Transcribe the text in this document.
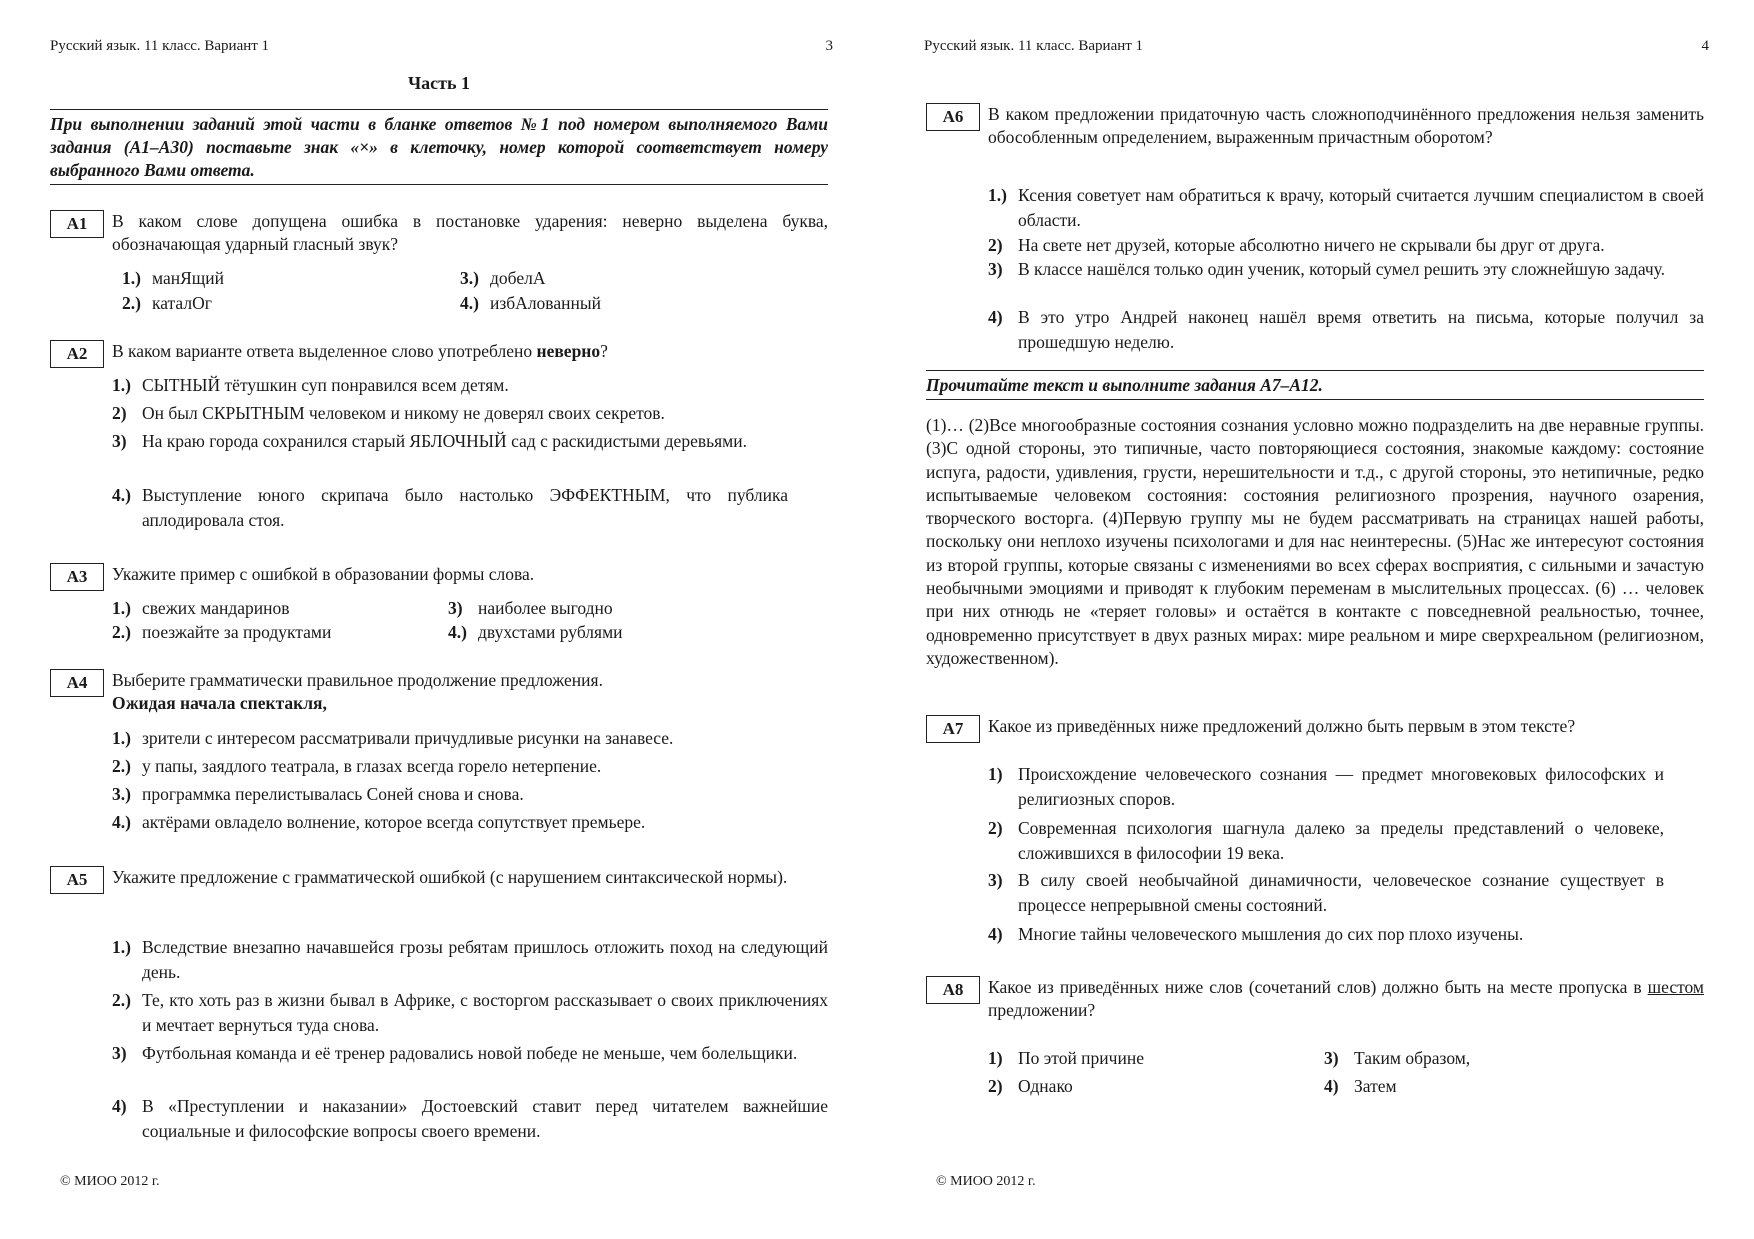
Русский язык. 11 класс. Вариант 1	3
Часть 1
При выполнении заданий этой части в бланке ответов №1 под номером выполняемого Вами задания (А1–А30) поставьте знак «×» в клеточку, номер которой соответствует номеру выбранного Вами ответа.
А1	В каком слове допущена ошибка в постановке ударения: неверно выделена буква, обозначающая ударный гласный звук?
1.) манЯщий
2.) каталОг
3.) добелА
4.) избАлованный
А2	В каком варианте ответа выделенное слово употреблено неверно?
1.) СЫТНЫЙ тётушкин суп понравился всем детям.
2) Он был СКРЫТНЫМ человеком и никому не доверял своих секретов.
3) На краю города сохранился старый ЯБЛОЧНЫЙ сад с раскидистыми деревьями.
4.) Выступление юного скрипача было настолько ЭФФЕКТНЫМ, что публика аплодировала стоя.
А3	Укажите пример с ошибкой в образовании формы слова.
1.) свежих мандаринов
2.) поезжайте за продуктами
3) наиболее выгодно
4.) двухстами рублями
А4	Выберите грамматически правильное продолжение предложения.
Ожидая начала спектакля,
1.) зрители с интересом рассматривали причудливые рисунки на занавесе.
2.) у папы, заядлого театрала, в глазах всегда горело нетерпение.
3.) программка перелистывалась Соней снова и снова.
4.) актёрами овладело волнение, которое всегда сопутствует премьере.
А5	Укажите предложение с грамматической ошибкой (с нарушением синтаксической нормы).
1.) Вследствие внезапно начавшейся грозы ребятам пришлось отложить поход на следующий день.
2.) Те, кто хоть раз в жизни бывал в Африке, с восторгом рассказывает о своих приключениях и мечтает вернуться туда снова.
3) Футбольная команда и её тренер радовались новой победе не меньше, чем болельщики.
4) В «Преступлении и наказании» Достоевский ставит перед читателем важнейшие социальные и философские вопросы своего времени.
© МИОО 2012 г.
Русский язык. 11 класс. Вариант 1	4
А6	В каком предложении придаточную часть сложноподчинённого предложения нельзя заменить обособленным определением, выраженным причастным оборотом?
1.) Ксения советует нам обратиться к врачу, который считается лучшим специалистом в своей области.
2) На свете нет друзей, которые абсолютно ничего не скрывали бы друг от друга.
3) В классе нашёлся только один ученик, который сумел решить эту сложнейшую задачу.
4) В это утро Андрей наконец нашёл время ответить на письма, которые получил за прошедшую неделю.
Прочитайте текст и выполните задания А7–А12.
(1)… (2)Все многообразные состояния сознания условно можно подразделить на две неравные группы. (3)С одной стороны, это типичные, часто повторяющиеся состояния, знакомые каждому: состояние испуга, радости, удивления, грусти, нерешительности и т.д., с другой стороны, это нетипичные, редко испытываемые человеком состояния: состояния религиозного прозрения, научного озарения, творческого восторга. (4)Первую группу мы не будем рассматривать на страницах нашей работы, поскольку они неплохо изучены психологами и для нас неинтересны. (5)Нас же интересуют состояния из второй группы, которые связаны с изменениями во всех сферах восприятия, с сильными и зачастую необычными эмоциями и приводят к глубоким переменам в мыслительных процессах. (6) … человек при них отнюдь не «теряет головы» и остаётся в контакте с повседневной реальностью, точнее, одновременно присутствует в двух разных мирах: мире реальном и мире сверхреальном (религиозном, художественном).
А7	Какое из приведённых ниже предложений должно быть первым в этом тексте?
1) Происхождение человеческого сознания — предмет многовековых философских и религиозных споров.
2) Современная психология шагнула далеко за пределы представлений о человеке, сложившихся в философии 19 века.
3) В силу своей необычайной динамичности, человеческое сознание существует в процессе непрерывной смены состояний.
4) Многие тайны человеческого мышления до сих пор плохо изучены.
А8	Какое из приведённых ниже слов (сочетаний слов) должно быть на месте пропуска в шестом предложении?
1) По этой причине
2) Однако
3) Таким образом,
4) Затем
© МИОО 2012 г.
